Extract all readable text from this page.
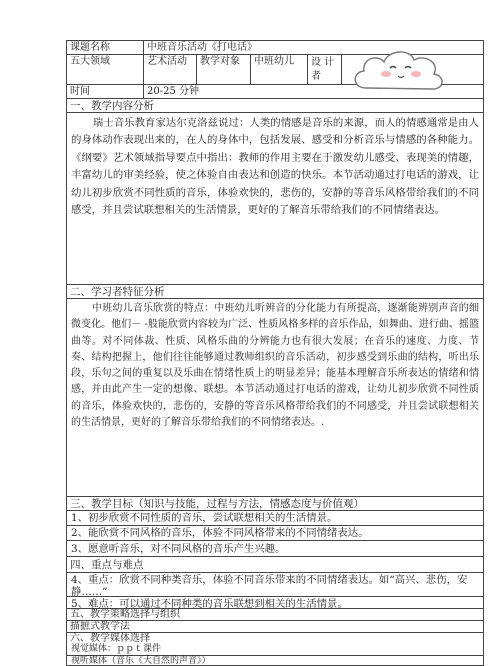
课题名称	中班音乐活动《打电话》
五大领域	艺术活动	教学对象	中班幼儿	设 计 者
时间	20-25 分钟
一、教学内容分析
瑞士音乐教育家达尔克洛兹说过：人类的情感是音乐的来源，而人的情感通常是由人的身体动作表现出来的，在人的身体中，包括发展、感受和分析音乐与情感的各种能力。《纲要》艺术领域指导要点中指出：教师的作用主要在于激发幼儿感受、表现美的情趣，丰富幼儿的审美经验，使之体验自由表达和创造的快乐。本节活动通过打电话的游戏，让幼儿初步欣赏不同性质的音乐，体验欢快的，悲伤的，安静的等音乐风格带给我们的不同感受，并且尝试联想相关的生活情景，更好的了解音乐带给我们的不同情绪表达。
二、学习者特征分析
中班幼儿音乐欣赏的特点：中班幼儿听辨音的分化能力有所提高，逐渐能辨别声音的细微变化。他们－ -般能欣赏内容较为广泛、性质风格多样的音乐作品，如舞曲、进行曲、摇篮曲等。对不同体裁、性质、风格乐曲的分辨能力也有很大发展；在音乐的速度、力度、节奏、结构把握上，他们往往能够通过教师组织的音乐活动，初步感受到乐曲的结构，听出乐段，乐句之间的重复以及乐曲在情绪性质上的明显差异；能基本理解音乐所表达的情绪和情感，并由此产生一定的想像、联想。本节活动通过打电话的游戏，让幼儿初步欣赏不同性质的音乐，体验欢快的，悲伤的，安静的等音乐风格带给我们的不同感受，并且尝试联想相关的生活情景，更好的了解音乐带给我们的不同情绪表达。.
三、教学目标（知识与技能，过程与方法，情感态度与价值观）
1、初步欣赏不同性质的音乐，尝试联想相关的生活情景。
2、能欣赏不同风格的音乐，体验不同风格带来的不同情绪表达。
3、愿意听音乐，对不同风格的音乐产生兴趣。
四、重点与难点
4、重点：欣赏不同种类音乐，体验不同音乐带来的不同情绪表达。如“高兴、悲伤，安静……”
5、难点：可以通过不同种类的音乐联想到相关的生活情景。
五、教学策略选择与组织
描摭式教学法
六、教学媒体选择
视觉媒体：ｐｐｔ课件
视听媒体（音乐《大自然的声音》）
